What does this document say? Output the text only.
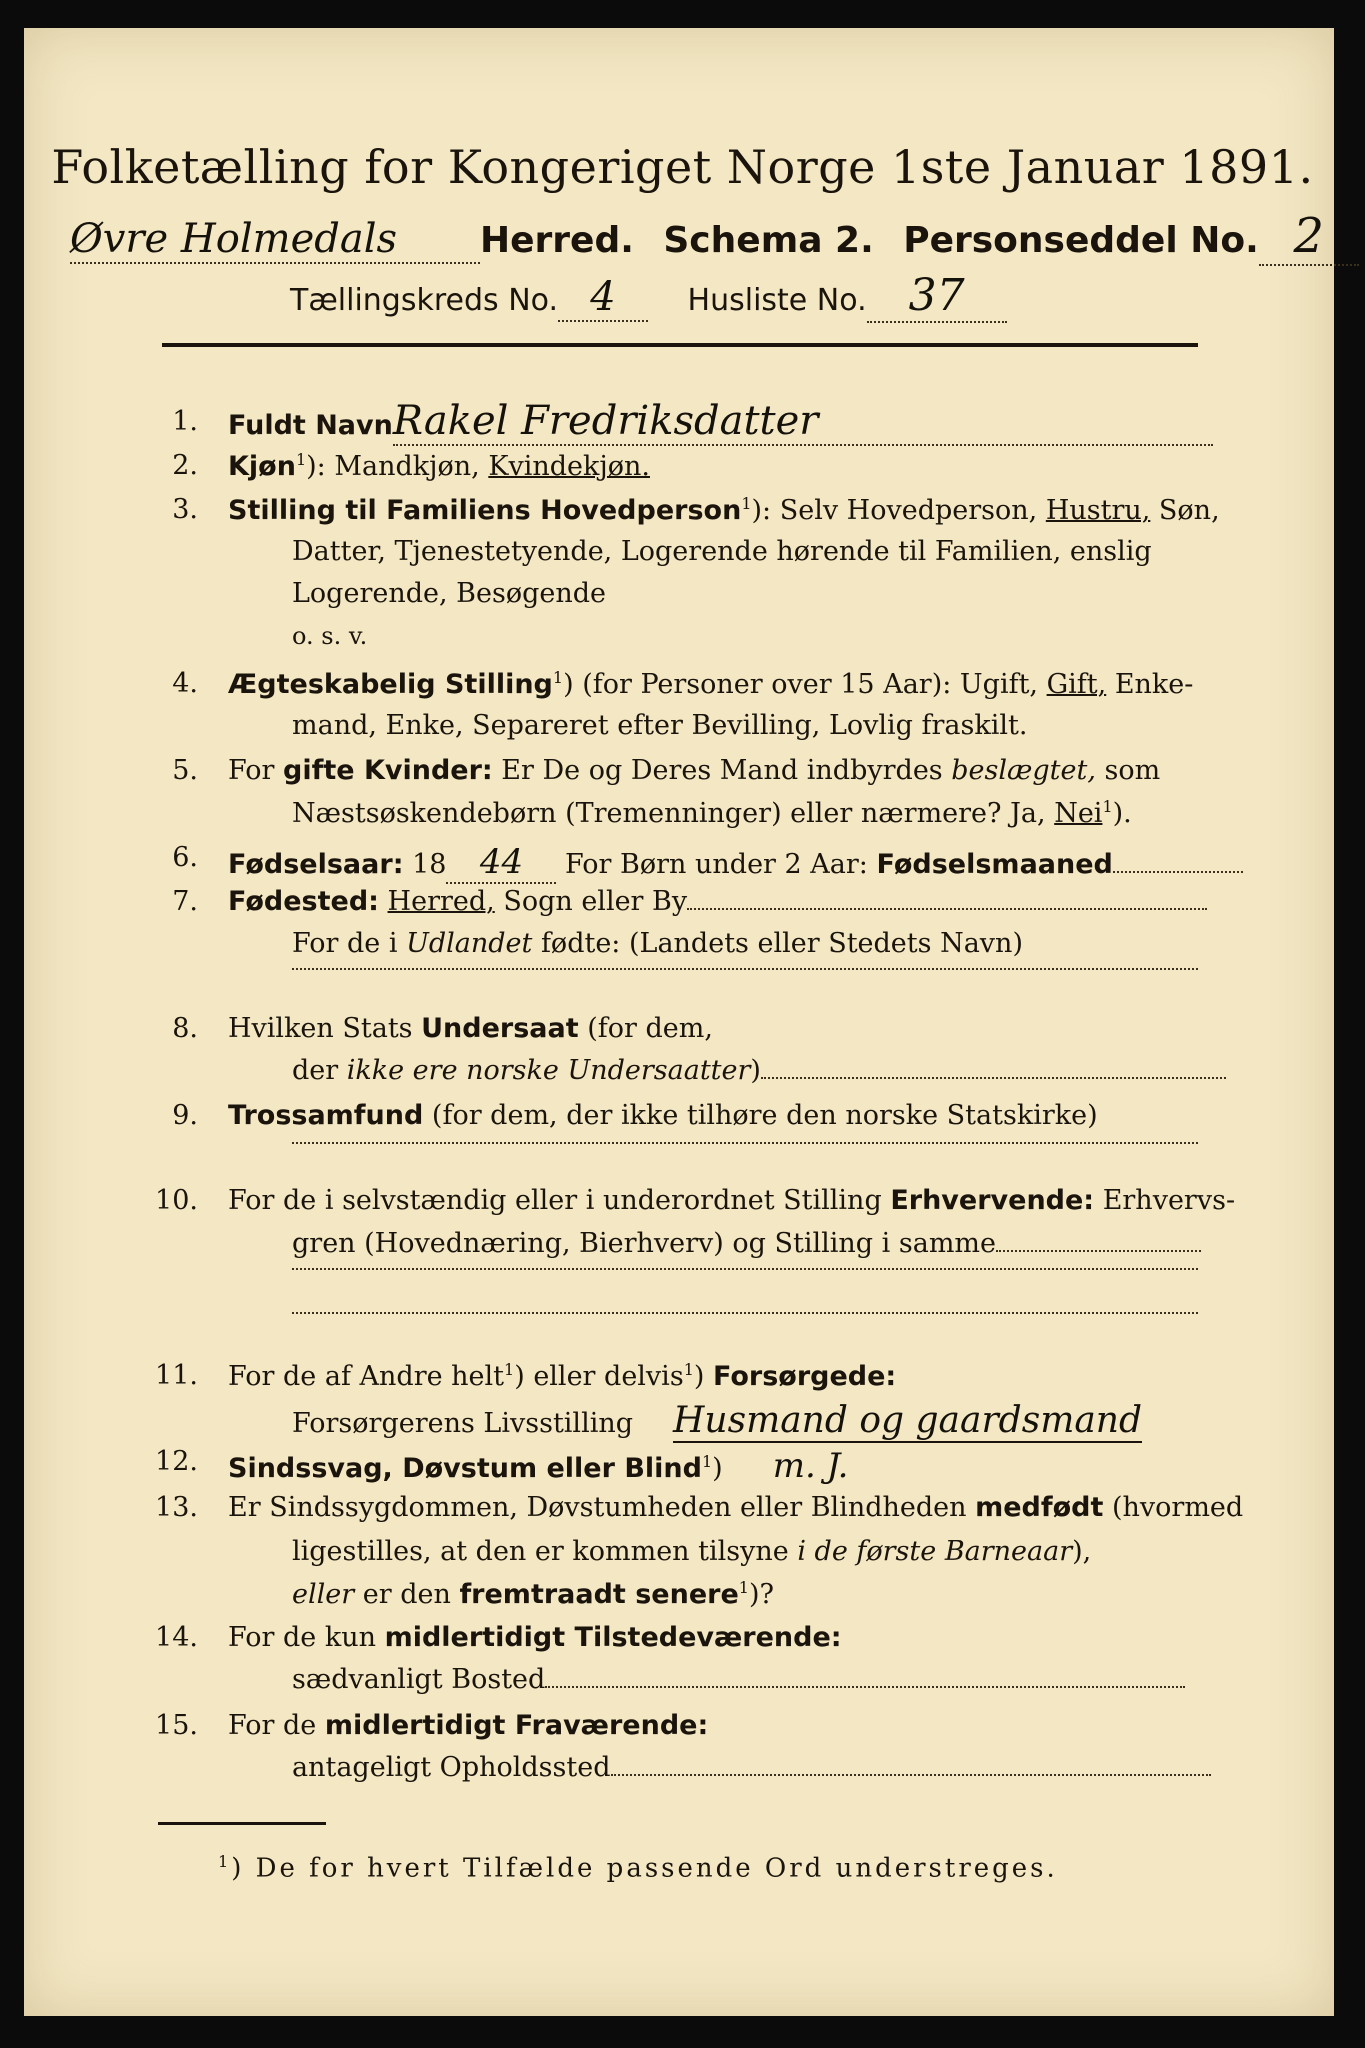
Folketælling for Kongeriget Norge 1ste Januar 1891.
Øvre Holmedals Herred. Schema 2. Personseddel No. 2
Tællingskreds No. 4 Husliste No. 37
1. Fuldt NavnRakel Fredriksdatter
2. Kjøn$^1$): Mandkjøn, Kvindekjøn.
3. Stilling til Familiens Hovedperson$^1$): Selv Hovedperson, Hustru, Søn,
Datter, Tjenestetyende, Logerende hørende til Familien, enslig
Logerende, Besøgende
o. s. v.
4. Ægteskabelig Stilling$^1$) (for Personer over 15 Aar): Ugift, Gift, Enke-
mand, Enke, Separeret efter Bevilling, Lovlig fraskilt.
5. For gifte Kvinder: Er De og Deres Mand indbyrdes beslægtet, som
Næstsøskendebørn (Tremenninger) eller nærmere? Ja, Nei$^1$).
6. Fødselsaar: 18 44 For Børn under 2 Aar: Fødselsmaaned
7. Fødested: Herred, Sogn eller By
For de i Udlandet fødte: (Landets eller Stedets Navn)
8. Hvilken Stats Undersaat (for dem,
der ikke ere norske Undersaatter)
9. Trossamfund (for dem, der ikke tilhøre den norske Statskirke)
10. For de i selvstændig eller i underordnet Stilling Erhvervende: Erhvervs-
gren (Hovednæring, Bierhverv) og Stilling i samme
11. For de af Andre helt$^1$) eller delvis$^1$) Forsørgede:
Forsørgerens Livsstilling Husmand og gaardsmand
12. Sindssvag, Døvstum eller Blind$^1$) m. J.
13. Er Sindssygdommen, Døvstumheden eller Blindheden medfødt (hvormed
ligestilles, at den er kommen tilsyne i de første Barneaar),
eller er den fremtraadt senere$^1$)?
14. For de kun midlertidigt Tilstedeværende:
sædvanligt Bosted
15. For de midlertidigt Fraværende:
antageligt Opholdssted
$^1$) De for hvert Tilfælde passende Ord understreges.
